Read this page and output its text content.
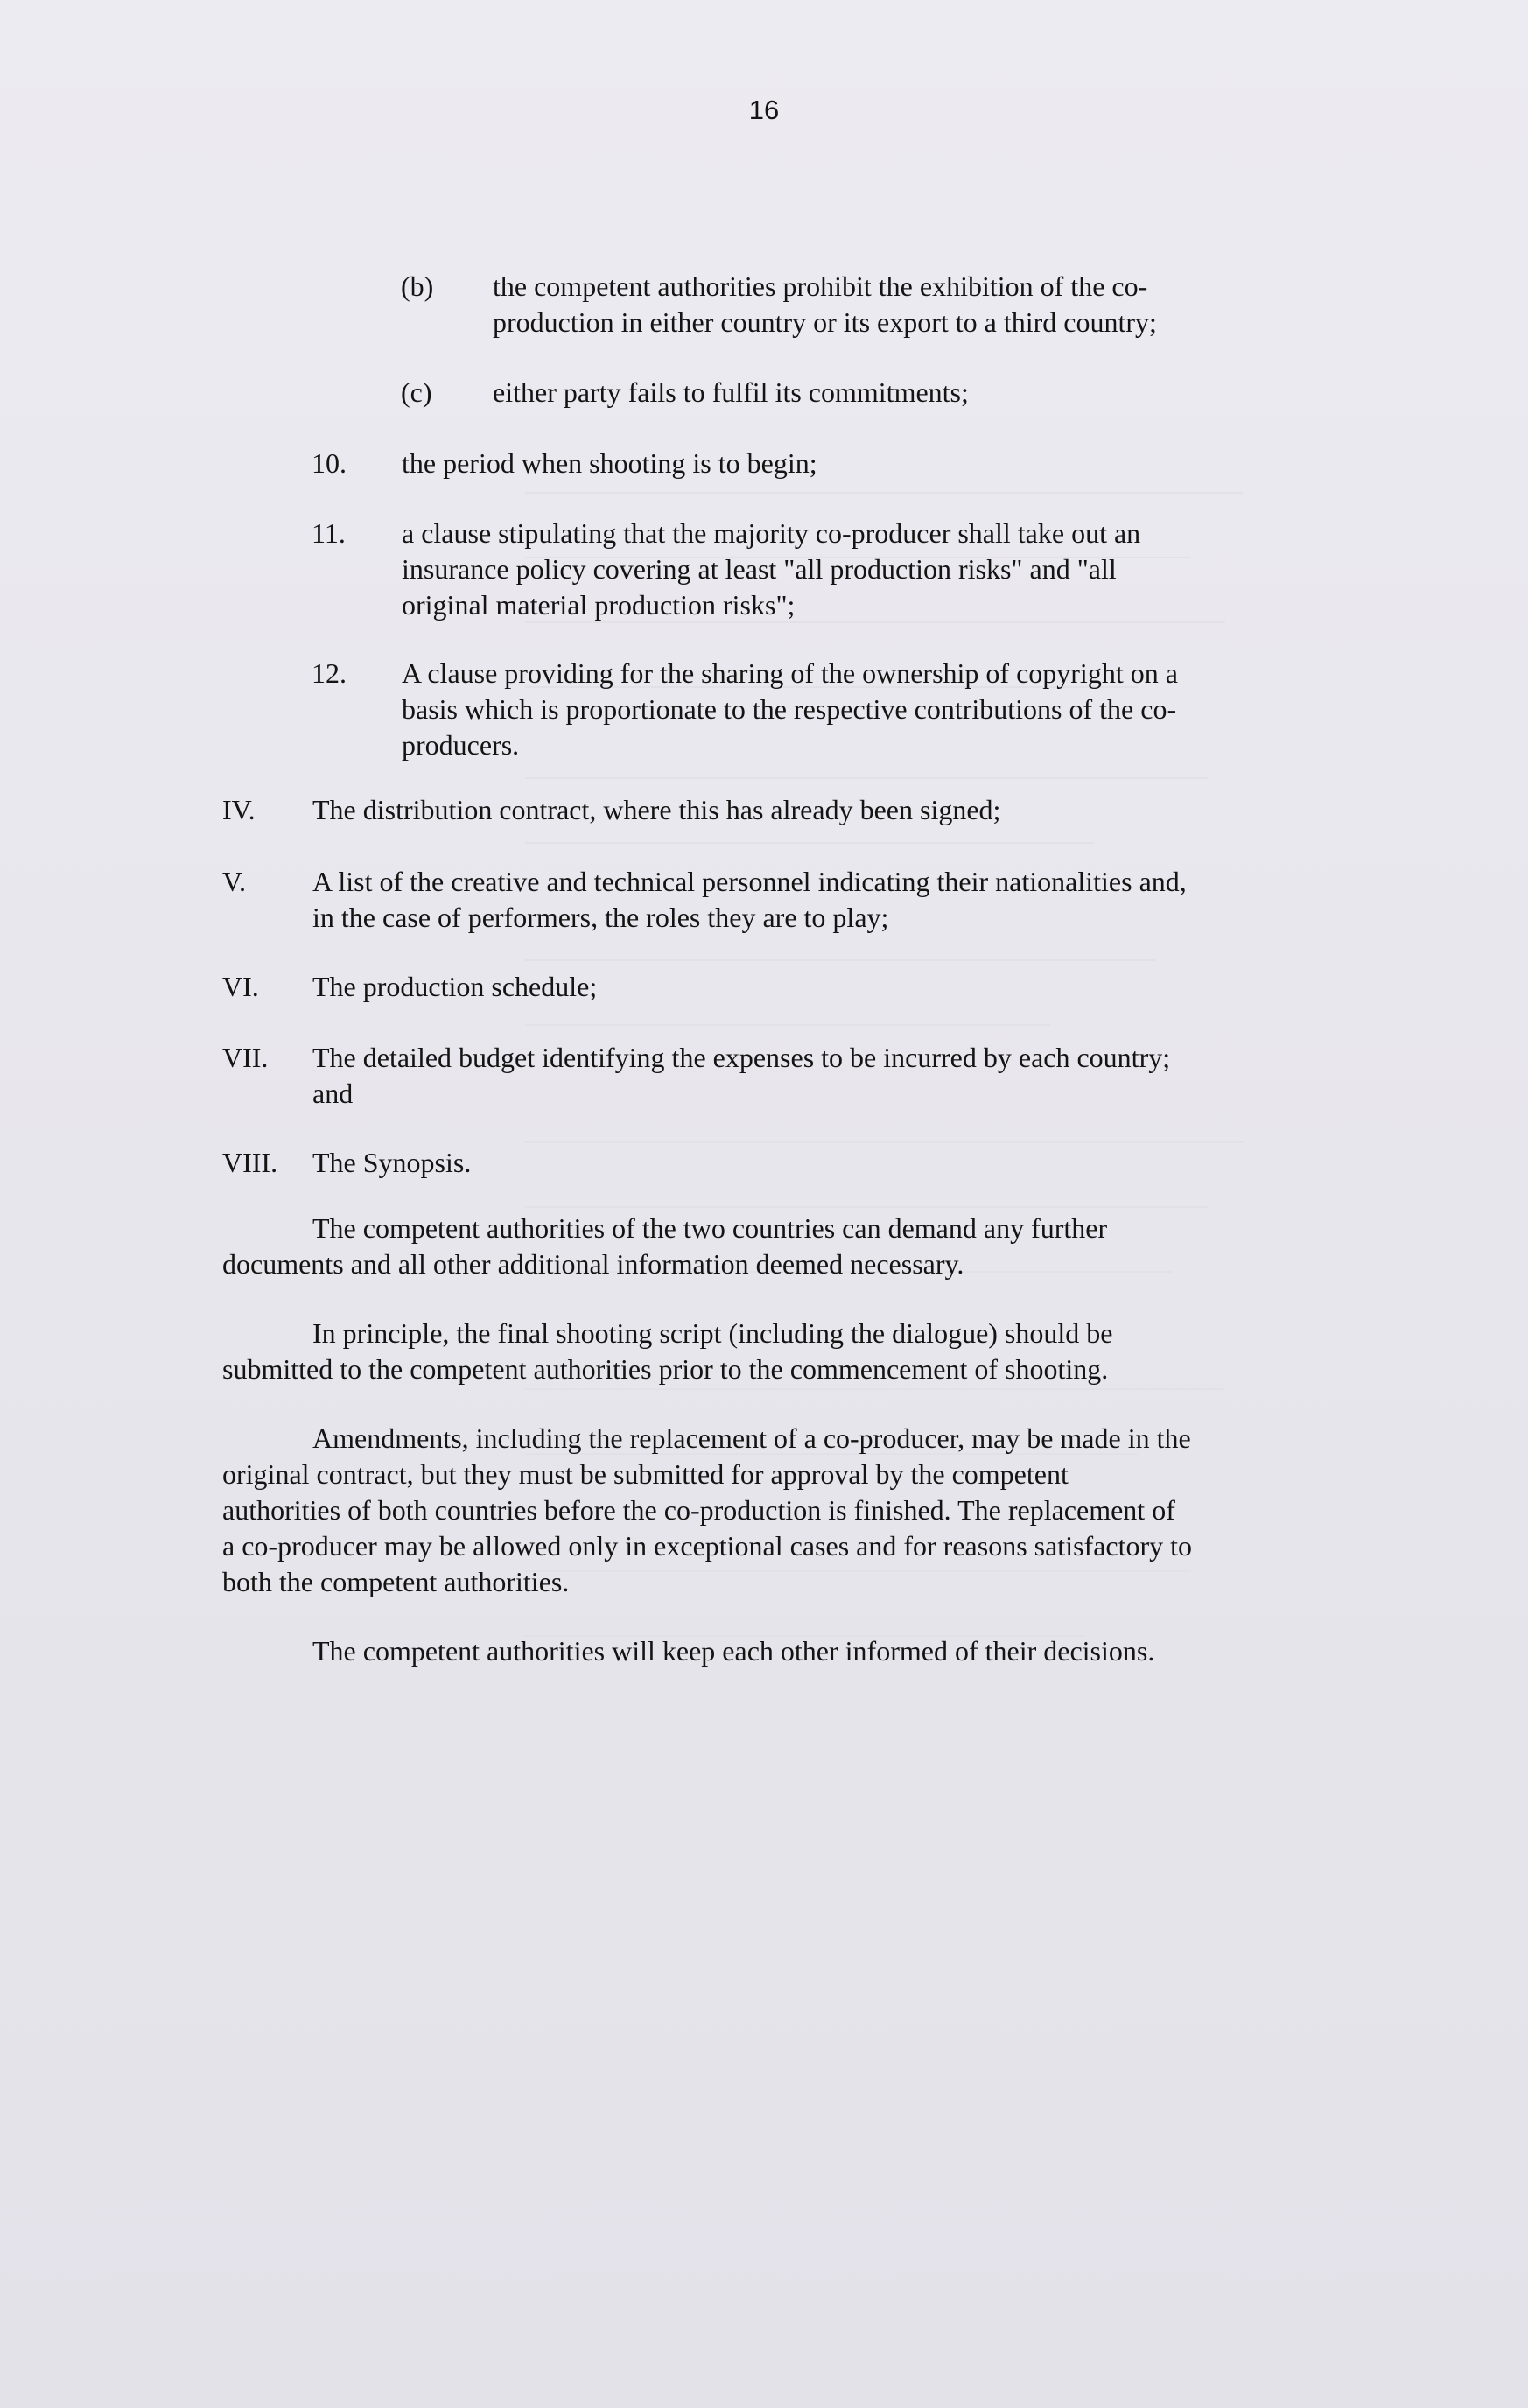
16
(b) the competent authorities prohibit the exhibition of the co-
production in either country or its export to a third country;
(c) either party fails to fulfil its commitments;
10. the period when shooting is to begin;
11. a clause stipulating that the majority co-producer shall take out an
insurance policy covering at least "all production risks" and "all
original material production risks";
12. A clause providing for the sharing of the ownership of copyright on a
basis which is proportionate to the respective contributions of the co-
producers.
IV. The distribution contract, where this has already been signed;
V. A list of the creative and technical personnel indicating their nationalities and,
in the case of performers, the roles they are to play;
VI. The production schedule;
VII. The detailed budget identifying the expenses to be incurred by each country;
and
VIII. The Synopsis.
The competent authorities of the two countries can demand any further
documents and all other additional information deemed necessary.
In principle, the final shooting script (including the dialogue) should be
submitted to the competent authorities prior to the commencement of shooting.
Amendments, including the replacement of a co-producer, may be made in the
original contract, but they must be submitted for approval by the competent
authorities of both countries before the co-production is finished. The replacement of
a co-producer may be allowed only in exceptional cases and for reasons satisfactory to
both the competent authorities.
The competent authorities will keep each other informed of their decisions.
